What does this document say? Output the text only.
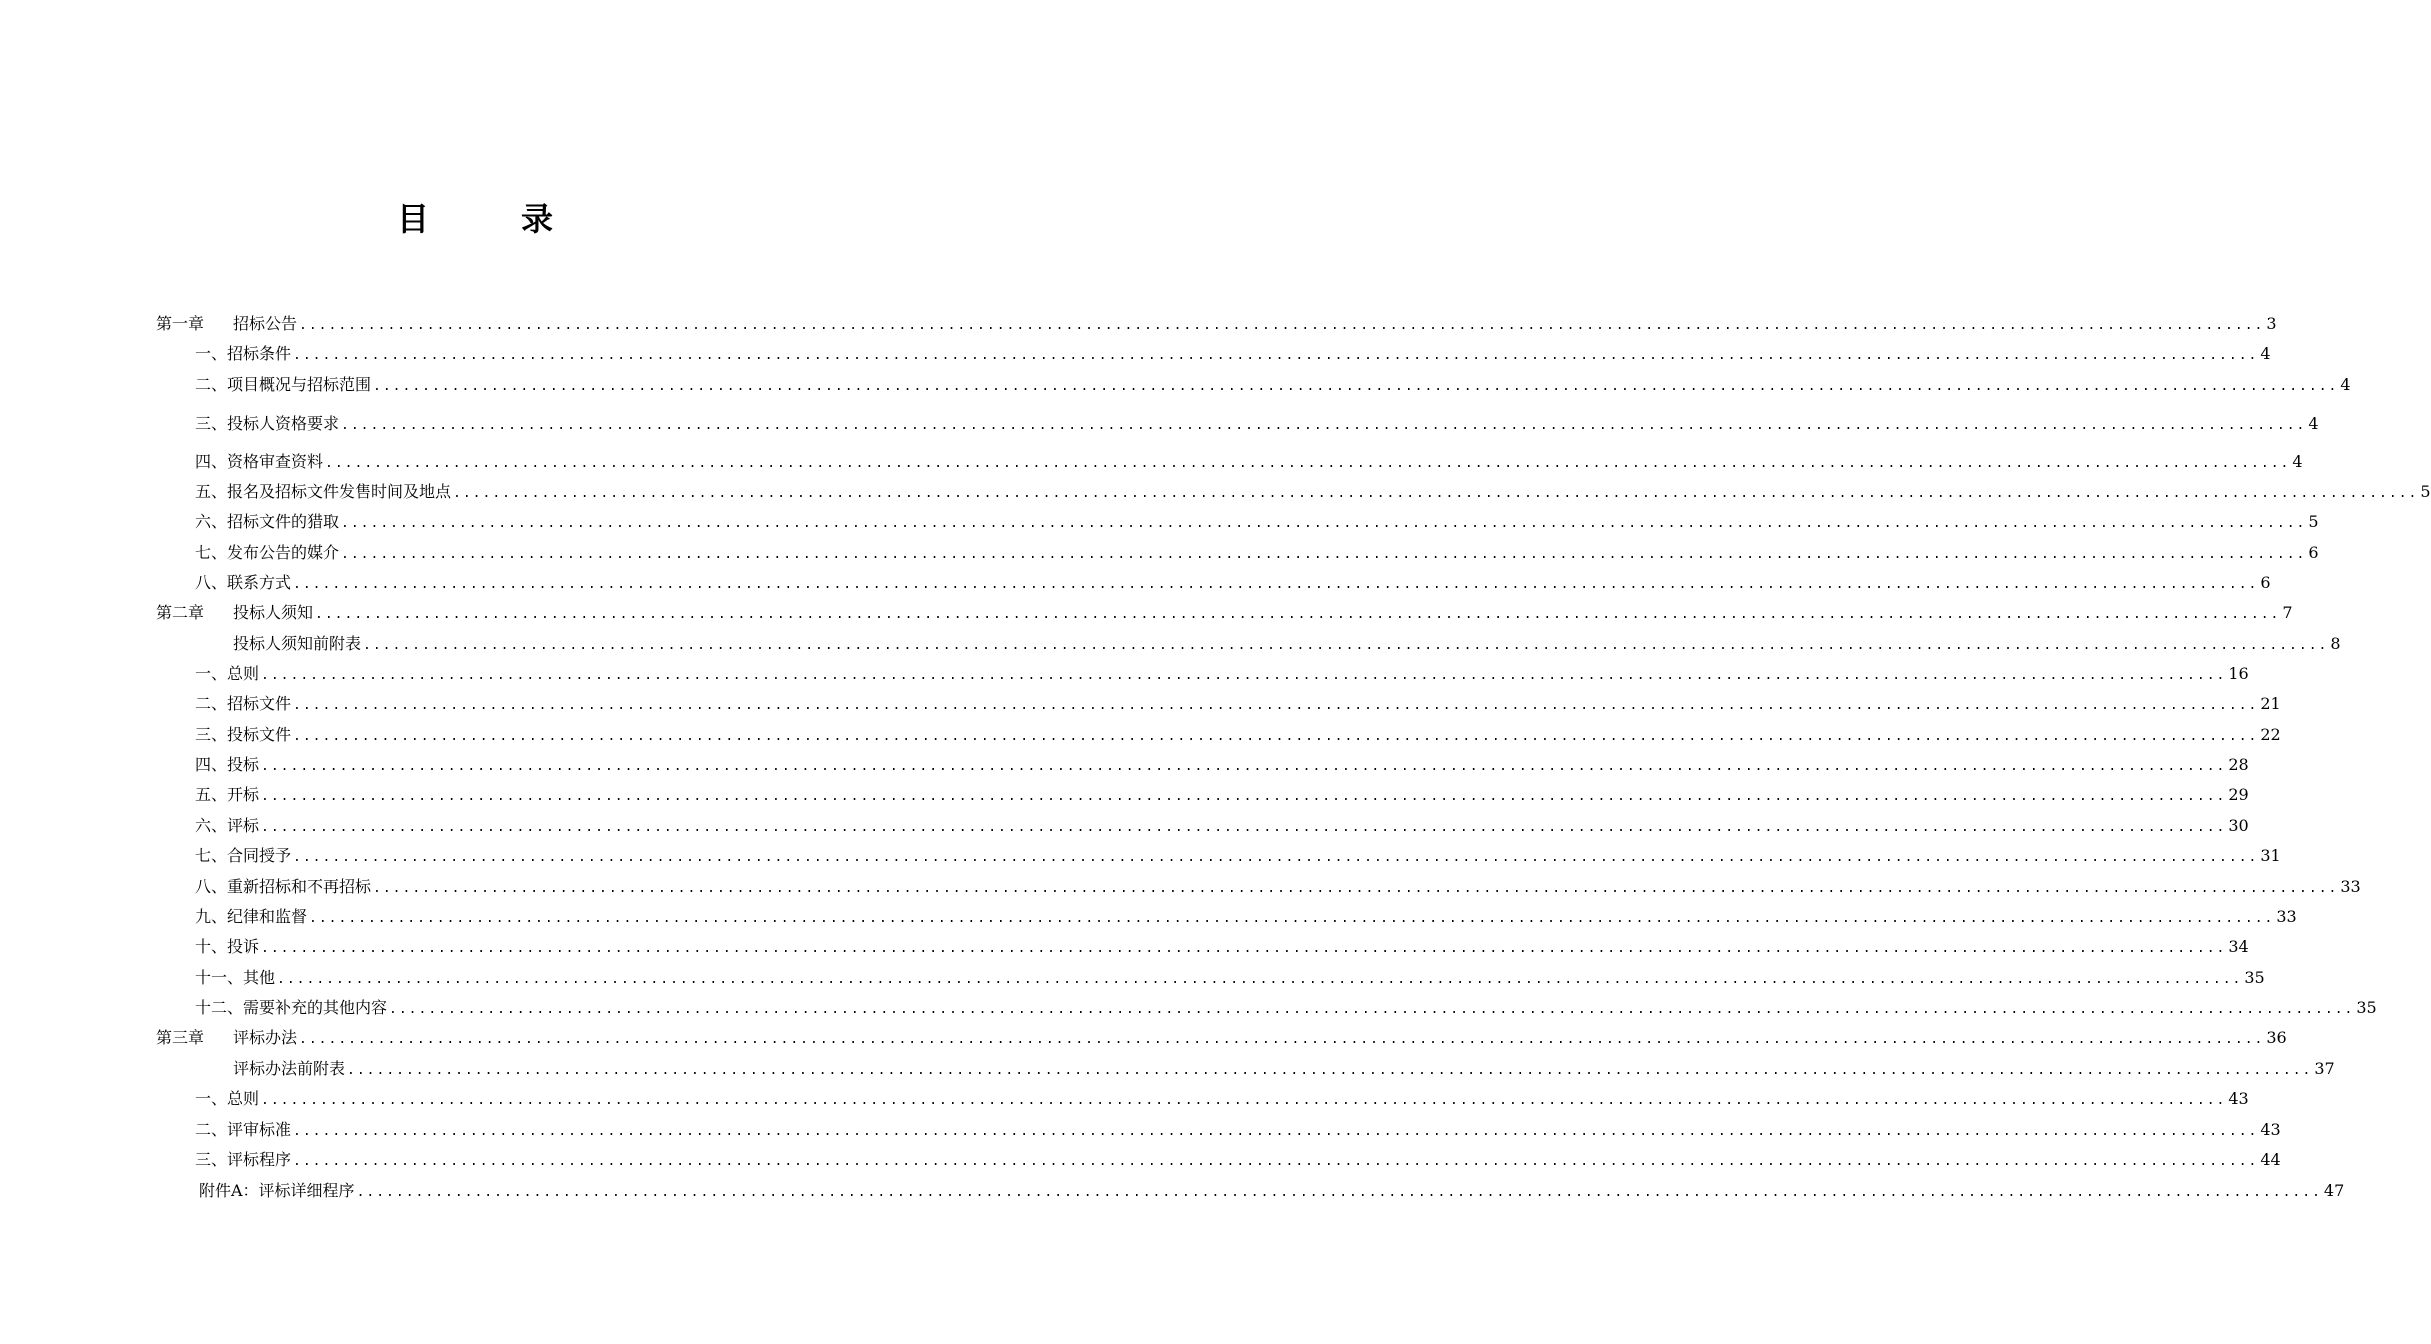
目　录
第一章 招标公告 ........................................................................................................................................................................................................ 3
一、招标条件 ........................................................................................................................................................................................................ 4
二、项目概况与招标范围 ........................................................................................................................................................................................................ 4
三、投标人资格要求 ........................................................................................................................................................................................................ 4
四、资格审查资料 ........................................................................................................................................................................................................ 4
五、报名及招标文件发售时间及地点 ........................................................................................................................................................................................................ 5
六、招标文件的猎取 ........................................................................................................................................................................................................ 5
七、发布公告的媒介 ........................................................................................................................................................................................................ 6
八、联系方式 ........................................................................................................................................................................................................ 6
第二章 投标人须知 ........................................................................................................................................................................................................ 7
投标人须知前附表 ........................................................................................................................................................................................................ 8
一、总则 ........................................................................................................................................................................................................ 16
二、招标文件 ........................................................................................................................................................................................................ 21
三、投标文件 ........................................................................................................................................................................................................ 22
四、投标 ........................................................................................................................................................................................................ 28
五、开标 ........................................................................................................................................................................................................ 29
六、评标 ........................................................................................................................................................................................................ 30
七、合同授予 ........................................................................................................................................................................................................ 31
八、重新招标和不再招标 ........................................................................................................................................................................................................ 33
九、纪律和监督 ........................................................................................................................................................................................................ 33
十、投诉 ........................................................................................................................................................................................................ 34
十一、其他 ........................................................................................................................................................................................................ 35
十二、需要补充的其他内容 ........................................................................................................................................................................................................ 35
第三章 评标办法 ........................................................................................................................................................................................................ 36
评标办法前附表 ........................................................................................................................................................................................................ 37
一、总则 ........................................................................................................................................................................................................ 43
二、评审标准 ........................................................................................................................................................................................................ 43
三、评标程序 ........................................................................................................................................................................................................ 44
附件A：评标详细程序 ........................................................................................................................................................................................................ 47
